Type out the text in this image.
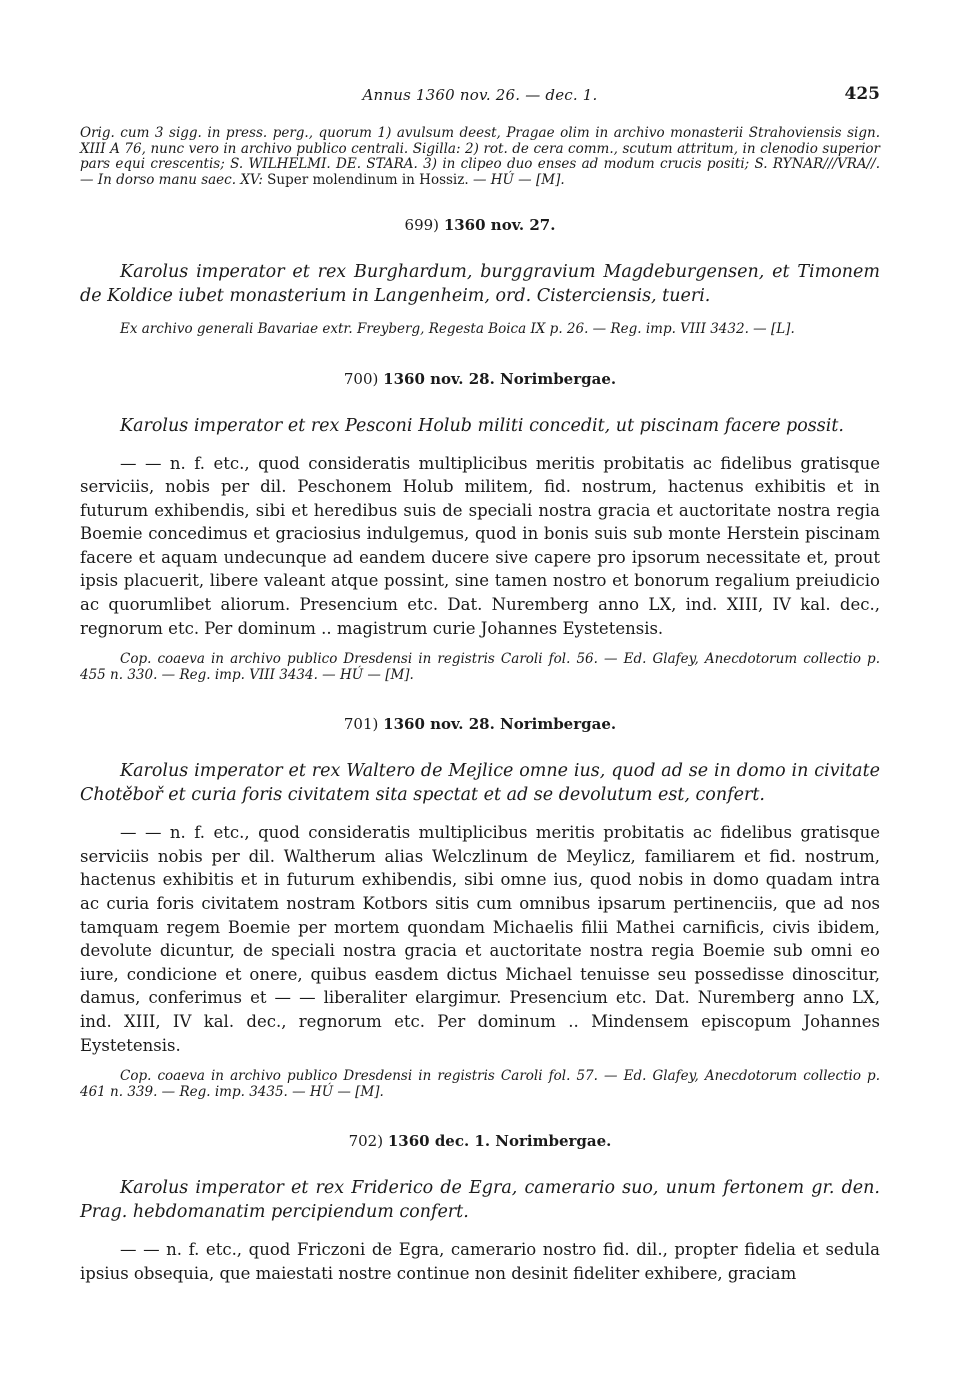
Annus 1360 nov. 26. — dec. 1.	425

Orig. cum 3 sigg. in press. perg., quorum 1) avulsum deest, Pragae olim in archivo monasterii Strahoviensis sign. XIII A 76, nunc vero in archivo publico centrali. Sigilla: 2) rot. de cera comm., scutum attritum, in clenodio superior pars equi crescentis; S. WILHELMI. DE. STARA. 3) in clipeo duo enses ad modum crucis positi; S. RYNAR///VRA//. — In dorso manu saec. XV: Super molendinum in Hossiz. — HÚ — [M].

699) 1360 nov. 27.

Karolus imperator et rex Burghardum, burggravium Magdeburgensen, et Timonem de Koldice iubet monasterium in Langenheim, ord. Cisterciensis, tueri.

Ex archivo generali Bavariae extr. Freyberg, Regesta Boica IX p. 26. — Reg. imp. VIII 3432. — [L].

700) 1360 nov. 28. Norimbergae.

Karolus imperator et rex Pesconi Holub militi concedit, ut piscinam facere possit.

— — n. f. etc., quod consideratis multiplicibus meritis probitatis ac fidelibus gratisque serviciis, nobis per dil. Peschonem Holub militem, fid. nostrum, hactenus exhibitis et in futurum exhibendis, sibi et heredibus suis de speciali nostra gracia et auctoritate nostra regia Boemie concedimus et graciosius indulgemus, quod in bonis suis sub monte Herstein piscinam facere et aquam undecunque ad eandem ducere sive capere pro ipsorum necessitate et, prout ipsis placuerit, libere valeant atque possint, sine tamen nostro et bonorum regalium preiudicio ac quorumlibet aliorum. Presencium etc. Dat. Nuremberg anno LX, ind. XIII, IV kal. dec., regnorum etc. Per dominum .. magistrum curie Johannes Eystetensis.

Cop. coaeva in archivo publico Dresdensi in registris Caroli fol. 56. — Ed. Glafey, Anecdotorum collectio p. 455 n. 330. — Reg. imp. VIII 3434. — HÚ — [M].

701) 1360 nov. 28. Norimbergae.

Karolus imperator et rex Waltero de Mejlice omne ius, quod ad se in domo in civitate Chotěboř et curia foris civitatem sita spectat et ad se devolutum est, confert.

— — n. f. etc., quod consideratis multiplicibus meritis probitatis ac fidelibus gratisque serviciis nobis per dil. Waltherum alias Welczlinum de Meylicz, familiarem et fid. nostrum, hactenus exhibitis et in futurum exhibendis, sibi omne ius, quod nobis in domo quadam intra ac curia foris civitatem nostram Kotbors sitis cum omnibus ipsarum pertinenciis, que ad nos tamquam regem Boemie per mortem quondam Michaelis filii Mathei carnificis, civis ibidem, devolute dicuntur, de speciali nostra gracia et auctoritate nostra regia Boemie sub omni eo iure, condicione et onere, quibus easdem dictus Michael tenuisse seu possedisse dinoscitur, damus, conferimus et — — liberaliter elargimur. Presencium etc. Dat. Nuremberg anno LX, ind. XIII, IV kal. dec., regnorum etc. Per dominum .. Mindensem episcopum Johannes Eystetensis.

Cop. coaeva in archivo publico Dresdensi in registris Caroli fol. 57. — Ed. Glafey, Anecdotorum collectio p. 461 n. 339. — Reg. imp. 3435. — HÚ — [M].

702) 1360 dec. 1. Norimbergae.

Karolus imperator et rex Friderico de Egra, camerario suo, unum fertonem gr. den. Prag. hebdomanatim percipiendum confert.

— — n. f. etc., quod Friczoni de Egra, camerario nostro fid. dil., propter fidelia et sedula ipsius obsequia, que maiestati nostre continue non desinit fideliter exhibere, graciam
